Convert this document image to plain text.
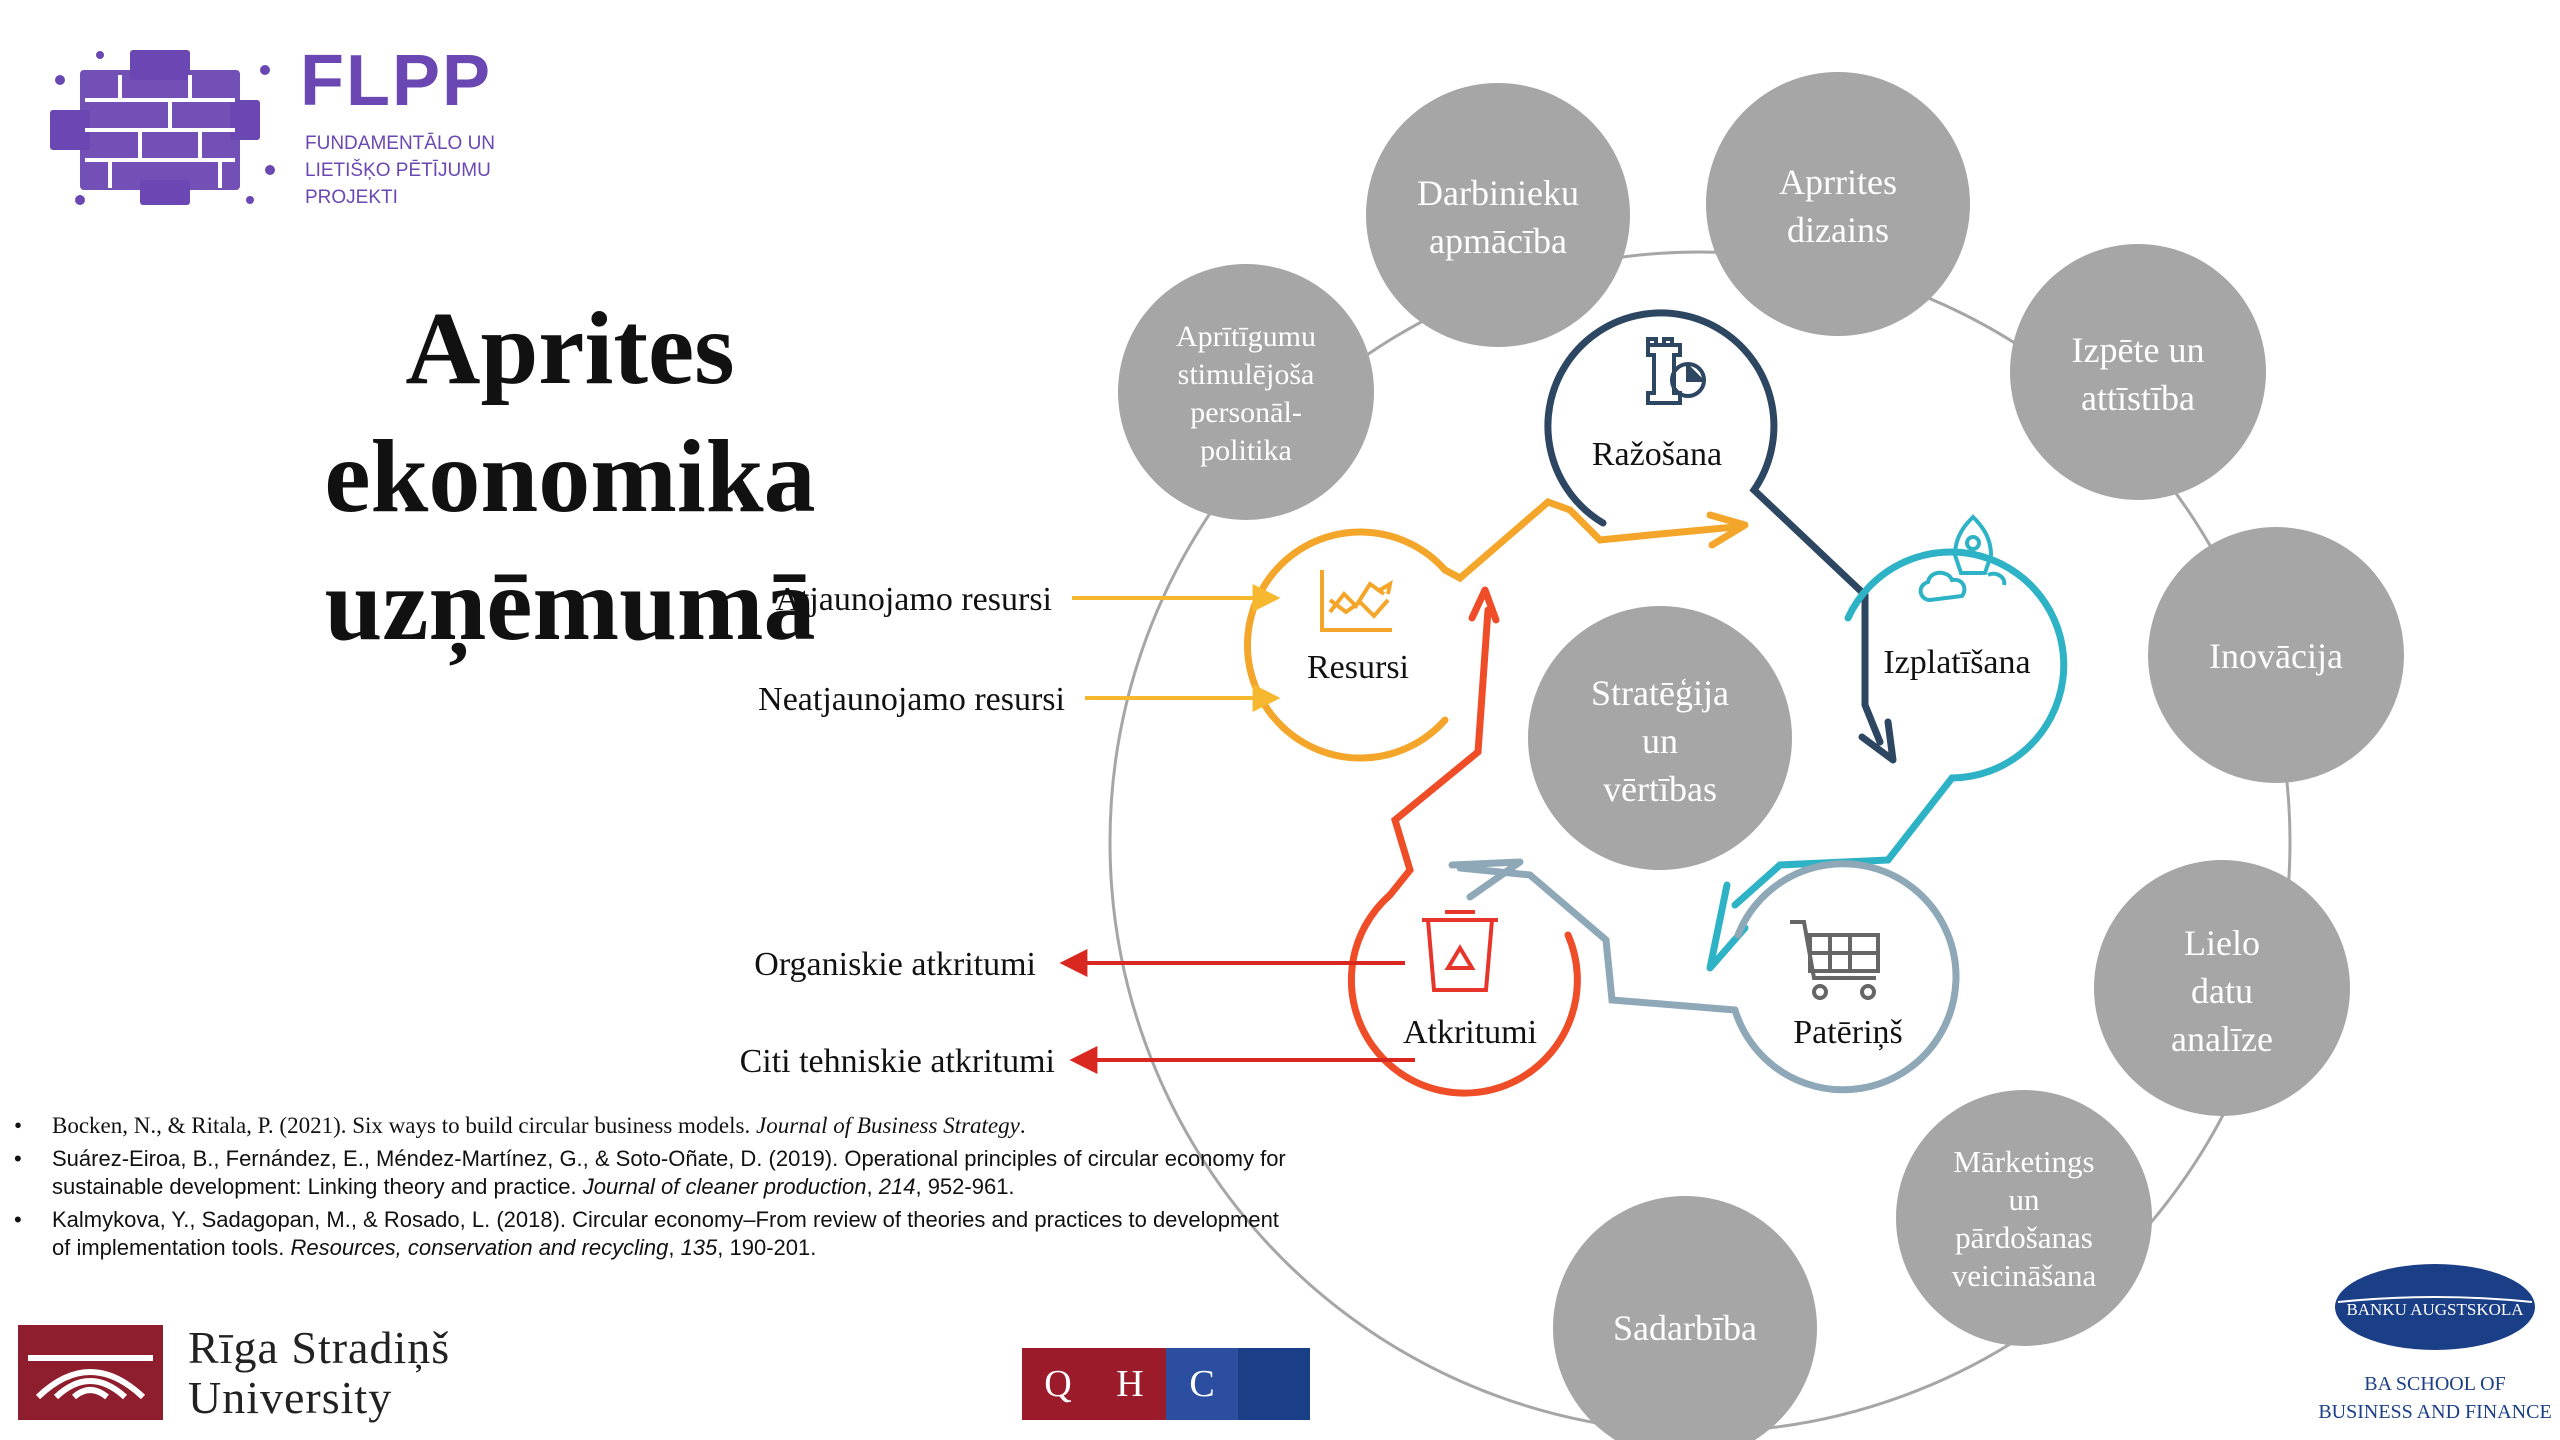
FLPP
FUNDAMENTĀLO UN
LIETIŠĶO PĒTĪJUMU
PROJEKTI
Aprites ekonomika
uzņēmumā
Darbinieku apmācība
Aprrites dizains
Izpēte un attīstība
Inovācija
Lielo datu analīze
Mārketings un pārdošanas veicināšana
Sadarbība
Aprītīgumu stimulējoša personāl-politika
Stratēģija un vērtības
Ražošana
Izplatīšana
Patēriņš
Atkritumi
Resursi
Atjaunojamo resursi
Neatjaunojamo resursi
Organiskie atkritumi
Citi tehniskie atkritumi
• Bocken, N., & Ritala, P. (2021). Six ways to build circular business models. Journal of Business Strategy.
• Suárez-Eiroa, B., Fernández, E., Méndez-Martínez, G., & Soto-Oñate, D. (2019). Operational principles of circular economy for sustainable development: Linking theory and practice. Journal of cleaner production, 214, 952-961.
• Kalmykova, Y., Sadagopan, M., & Rosado, L. (2018). Circular economy–From review of theories and practices to development of implementation tools. Resources, conservation and recycling, 135, 190-201.
Rīga Stradiņš
University	Q	H	C
BANKU AUGSTSKOLA
BA SCHOOL OF
BUSINESS AND FINANCE
